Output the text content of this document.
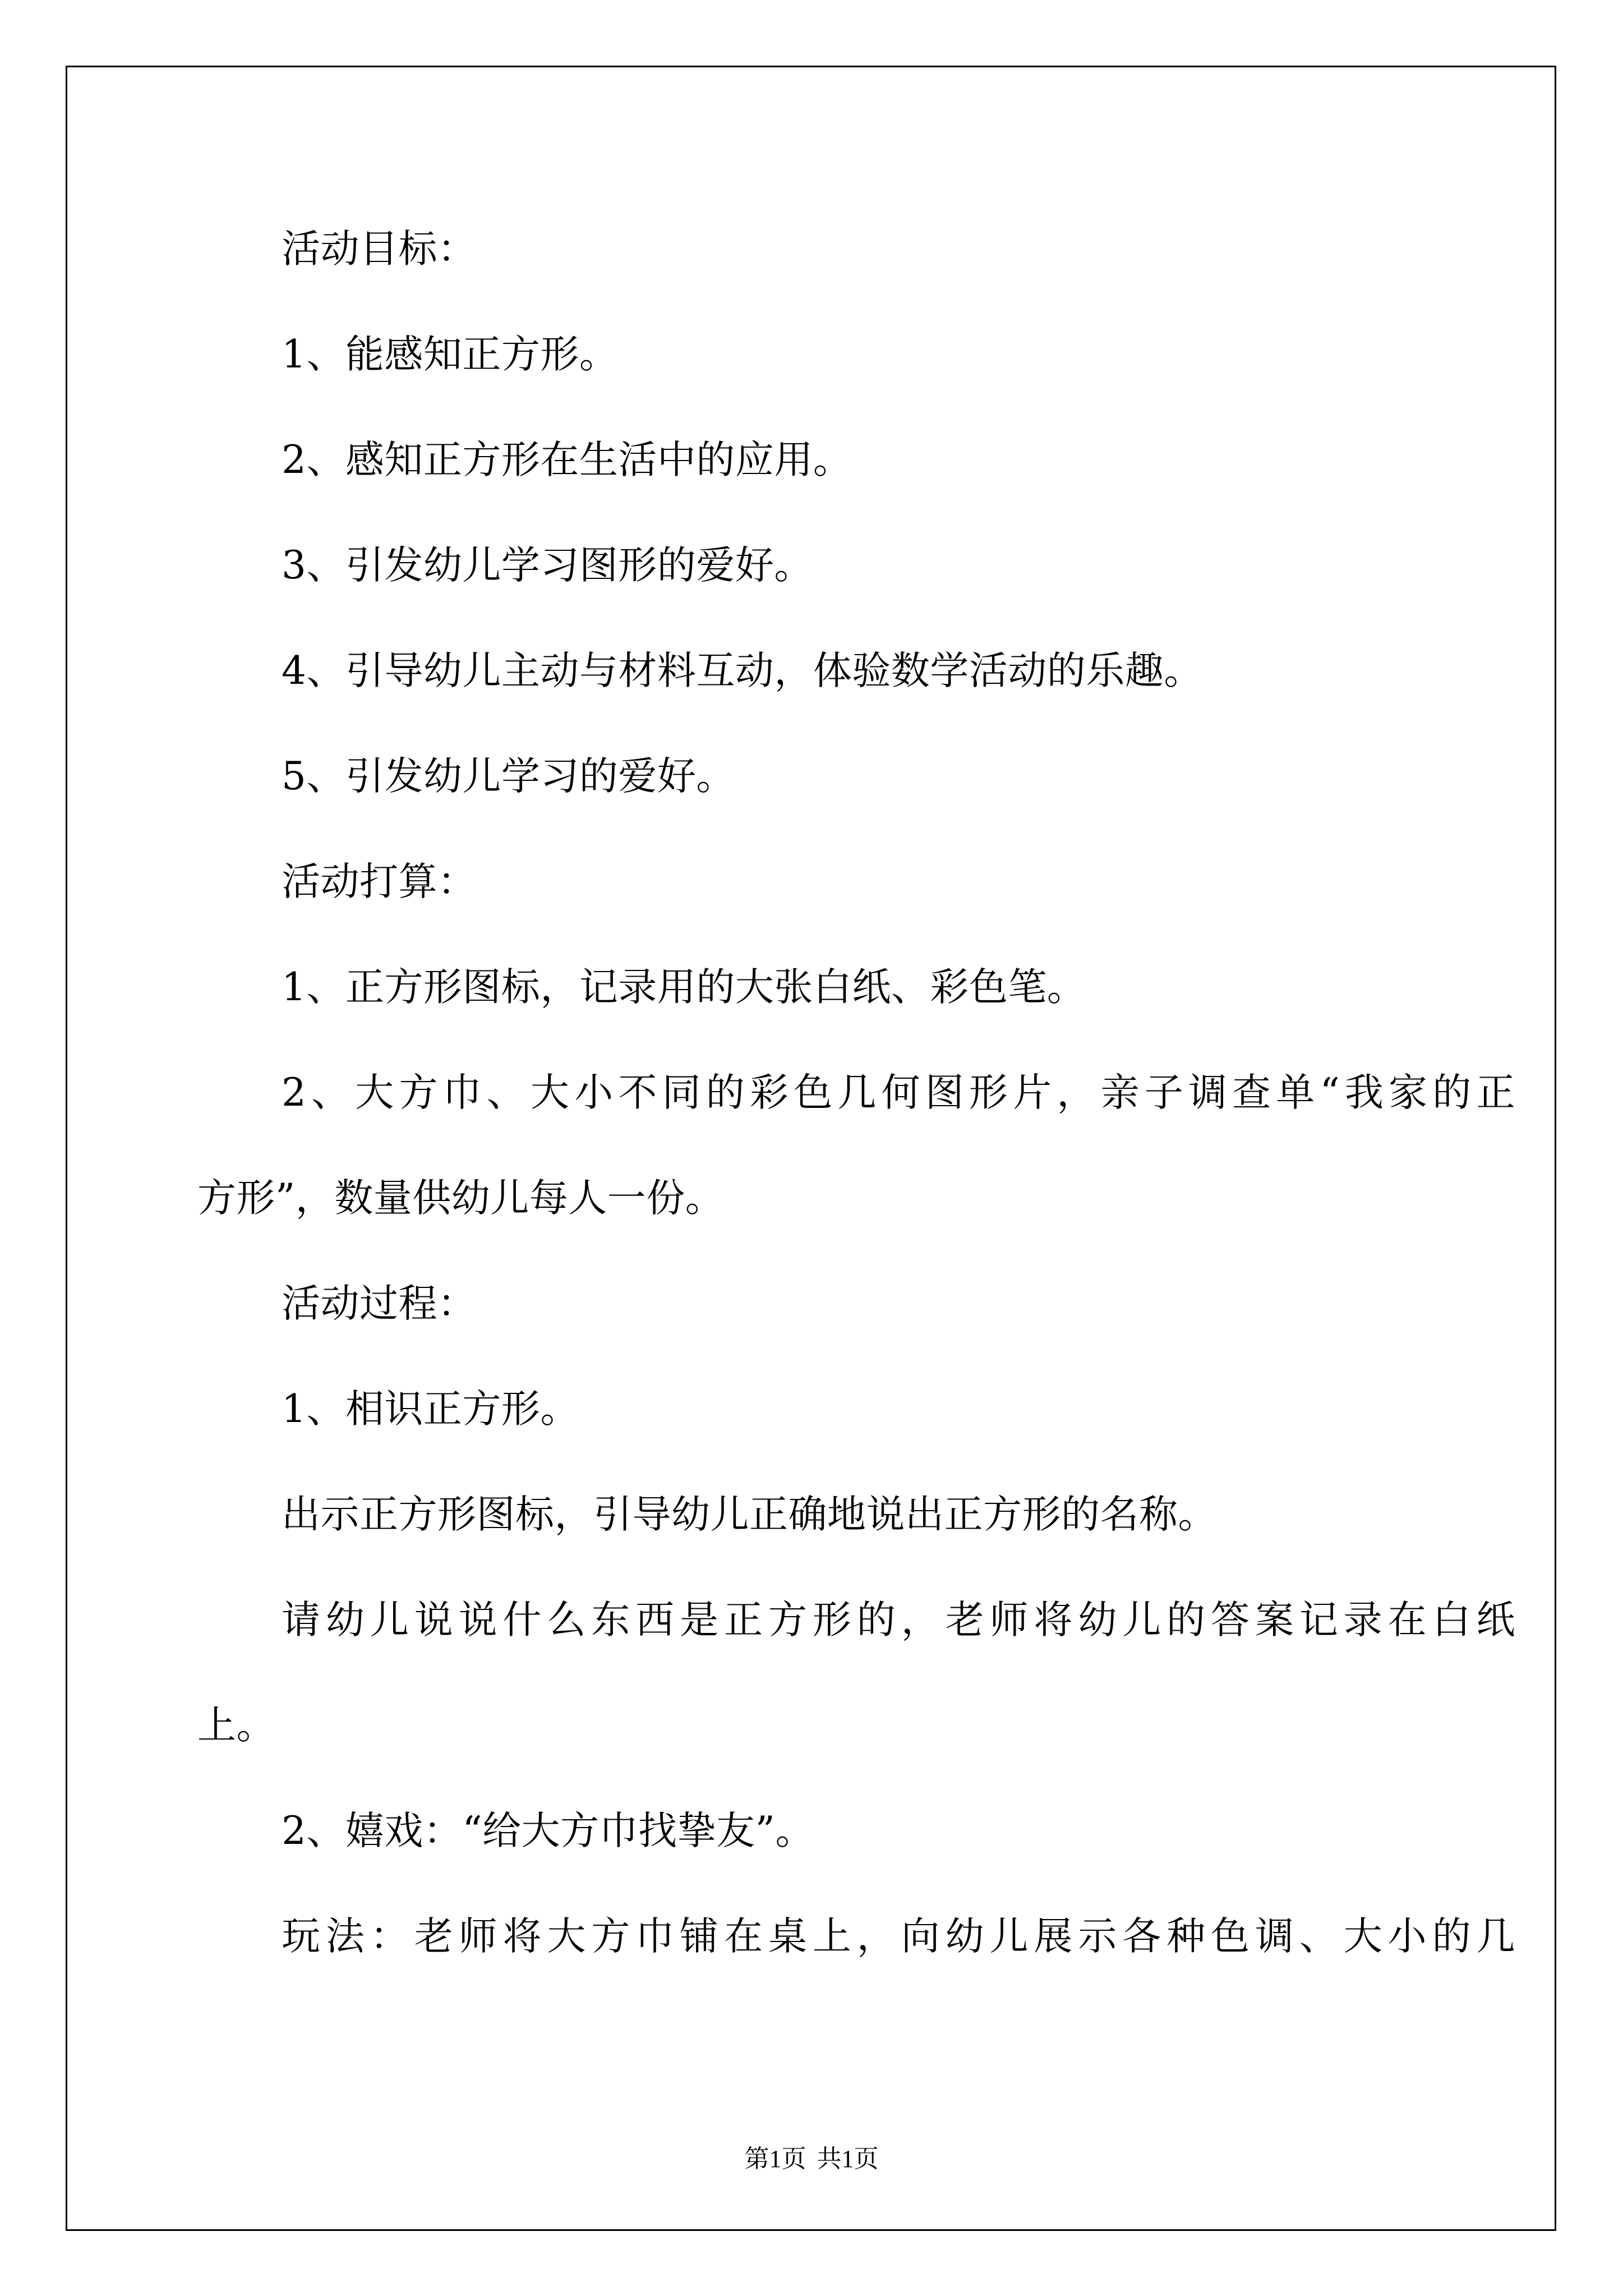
活动目标：
1、能感知正方形。
2、感知正方形在生活中的应用。
3、引发幼儿学习图形的爱好。
4、引导幼儿主动与材料互动，体验数学活动的乐趣。
5、引发幼儿学习的爱好。
活动打算：
1、正方形图标，记录用的大张白纸、彩色笔。
2、大方巾、大小不同的彩色几何图形片，亲子调查单“我家的正
方形”，数量供幼儿每人一份。
活动过程：
1、相识正方形。
出示正方形图标，引导幼儿正确地说出正方形的名称。
请幼儿说说什么东西是正方形的，老师将幼儿的答案记录在白纸
上。
2、嬉戏：“给大方巾找挚友”。
玩法：老师将大方巾铺在桌上，向幼儿展示各种色调、大小的几
第1页 共1页
